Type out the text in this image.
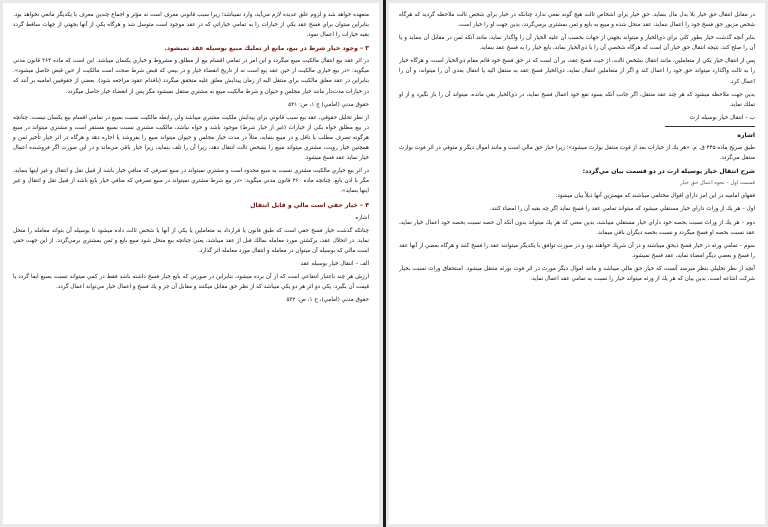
متعهده خواهد شد و لزوم علق عديده لازم مي‌آيد، وارد نميباشد؛ زيرا سبب قانوني معرف است نه مؤثر و اجماع چندين معرف با يكديگر مانعي نخواهد بود. بنابراين ميتوان براي فسخ عقد يكي از خيارات را به تمامي خياراتي كه در عقد موجود است متوسل شد و هرگاه يكي از آنها بجهتي از جهات ساقط گردد بقيه خيارات را اعمال نمود.

۳ – وجود خيار شرط در بيع، مانع از تمليك مبيع بوسيله عقد نميشود.

در اثر عقد بيع انتقال مالكيت مبيع ميگردد و اين امر در تمامي اقسام بيع از مطلق و مشروط و خياري يكسان ميباشد. اين است كه ماده ۳۶۴ قانون مدني ميگويد: «در بيع خياري مالكيت از حين عقد بيع است نه از تاريخ انقضاء خيار و در بيعي كه قبض شرط صحت است مالكيت از حين قبض حاصل ميشود». بنابراين در عقد معلق مالكيت براي منتقل اليه از زمان پيدايش معلق عليه متحقق ميگردد (باقدام عقود مراجعه شود). بعضي از حقوقيين اماميه بر آنند كه در خيارات مدت‌دار مانند خيار مجلس و حيوان و شرط مالكيت مبيع به مشتري منتقل نميشود مگر پس از انقضاء خيار حاصل ميگردد.

حقوق مدني (امامي) ج ۱، ص: ۵۳۱

از نظر تحليل حقوقي، عقد بيع سبب قانوني براي پيدايش ملكيت مشتري ميباشد ولي رابطه مالكيت نسبت بمبيع در تمامي اقسام بيع يكسان نيست، چنانچه در بيع مطلق خواه يكي از خيارات (غير از خيار شرط) موجود باشد و خواه نباشد، مالكيت مشتري نسبت بمبيع مستقر است و مشتري ميتواند در مبيع هرگونه تصرف مطلب يا ناقل و در مبيع بنمايد، مثلاً در مدت خيار مجلس و حيوان ميتواند مبيع را بفروشد يا اجاره دهد و هرگاه در اثر خيار تأخير ثمن و همچنين خيار رويت، مشتري ميتواند مبيع را بشخص ثالث انتقال دهد، زيرا آن را تلف بنمايد، زيرا خيار باقي مي‌ماند و در اين صورت اگر فروشنده اعمال خيار نمايد عقد فسخ ميشود.

در اثر بيع خياري مالكيت مشتري نسبت به مبيع محدود است و مشتري نميتواند در مبيع تصرفي كه منافي خيار باشد از قبيل نقل و انتقال و غير اينها بنمايد، مگر با اذن بايع. چنانچه ماده ۴۶۰ قانون مدني ميگويد: «در بيع شرط مشتري نميتواند در مبيع تصرفي كه منافي خيار بايع باشد از قبيل نقل و انتقال و غير اينها بنمايد».

۴ – خيار حقي است مالي و قابل انتقال

اشاره

چنانكه گذشت خيار فسخ حقي است كه طبق قانون يا قرارداد به متعاملين يا يكي از آنها يا شخص ثالث داده ميشود تا بوسيله آن بتواند معامله را منحل نمايد. در انحلال عقد، بركشتن مورد معامله بمالك قبل از عقد ميباشد، يعني چنانچه بيع منحل شود مبيع بايع و ثمن بمشتري برمي‌گردد. از اين جهت حقي است مالي كه بوسيله آن ميتوان در معامله و انتقال مورد معامله اثر گذارد.

الف – انتقال خيار بوسيله عقد

ارزش هر چند باعتبار انتفاعي است كه از آن برده ميشود، بنابراين در صورتي كه بايع خيار فسخ داشته باشد فقط در كمي ميتواند نسبت بمبيع ايفا گردد يا قيمت آن بگيرد. يكي دو اثر هر دو يكي ميباشد كه از نظر حق مقابل ميكنند و مقابل آن جز و يك فسخ و اعمال خيار مي‌تواند اعمال گردد.

حقوق مدني (امامي)، ج ۱، ص: ۵۳۲

در مقابل انتقال حق خيار بلا بدل مال بنمايد. حق خيار براي اشخاص ثالث هيچ گونه نفعي ندارد چنانكه در خيار براي شخص ثالث ملاحظه گرديد كه هرگاه شخص مزبور حق فسخ خود را اعمال بنمايد، عقد منحل شده و مبيع به بايع و ثمن بمشتري برمي‌گردد، بدين جهت او را خيار است.

بنابر آنچه گذشت خيار بطور كلي براي ذي‌الخيار و ميتواند بجهتي از جهات بحسب آن عليه الخيار آن را واگذار نمايد، مانند آنكه ثمن در مقابل آن بنمايد و يا آن را صلح كند، نتيجه انتقال حق خيار آن است كه هرگاه شخصي آن را با ذي‌الخيار بماند، بايع خيار را به فسخ عقد بنمايد.

پس از انتقال خيار يكي از متعاملين، مانند انتقال بشخص ثالث، از حيث فسخ عقد، بر آن است كه در حق فسخ خود قائم مقام ذي‌الخيار است، و هرگاه خيار را به ثالث واگذارد ميتواند حق خود را اعمال كند و اگر از متعاملين انتقال نمايد، ذي‌الخيار فسخ عقد به منتقل اليه يا انتقال بعدي آن را ميتواند، و آن را اعمال كرد.

بدين جهت ملاحظه ميشود كه هر چند عقد منتقل، اگر جانب آنكه بسود نفع خود اعمال فسخ نمايد، در ذي‌الخيار بقي مانده، ميتواند آن را باز بگيرد و از او تملك نمايد.

ب – انتقال خيار بوسيله ارث

اشاره

طبق صريح ماده ۴۴۵ ق. م. «هر يك از خيارات بعد از فوت منتقل بوارث ميشود»؛ زيرا خيار حق مالي است و مانند اموال ديگر و متوفي در اثر فوت بوارث منتقل مي‌گردد.

شرح انتقال خيار بوسيله ارث در دو قسمت بيان مي‌گردد:

قسمت اول – نحوه اعمال حق خيار

فقهاي اماميه در اين امر داراي اقوال مختلفي ميباشند كه مهمترين آنها ذيلاً بيان ميشود:

اول – هر يك از وراث داراي خيار مستقلي ميشود كه ميتواند تمامي عقد را فسخ نمايد اگر چه بقيه آن را امضاء كنند.

دوم – هر يك از وراث نسبت بحصه خود داراي خيار مستقلي ميباشد، بدين معني كه هر يك ميتواند بدون آنكه آن حصه نسبت بحصه خود اعمال خيار نمايد، عقد نسبت بحصه او فسخ ميگردد و نسبت بحصه ديگران باقي ميماند.

سوم – تمامي ورثه در خيار فسخ ذيحق ميباشند و در آن شريك خواهند بود و در صورت توافق با يكديگر ميتوانند عقد را فسخ كنند و هرگاه بعضي از آنها عقد را فسخ و بعضي ديگر امضاء نمايد، عقد فسخ نميشود.

آنچه از نظر تحليلي بنظر ميرسد آنست كه خيار حق مالي ميباشد و مانند اموال ديگر مورث در اثر فوت بورثه منتقل ميشود. استحقاق وراث نسبت بخيار شركت اشاعه است، بدين بيان كه هر يك از ورثه ميتواند خيار را نسبت به تمامي عقد اعمال نمايد.
